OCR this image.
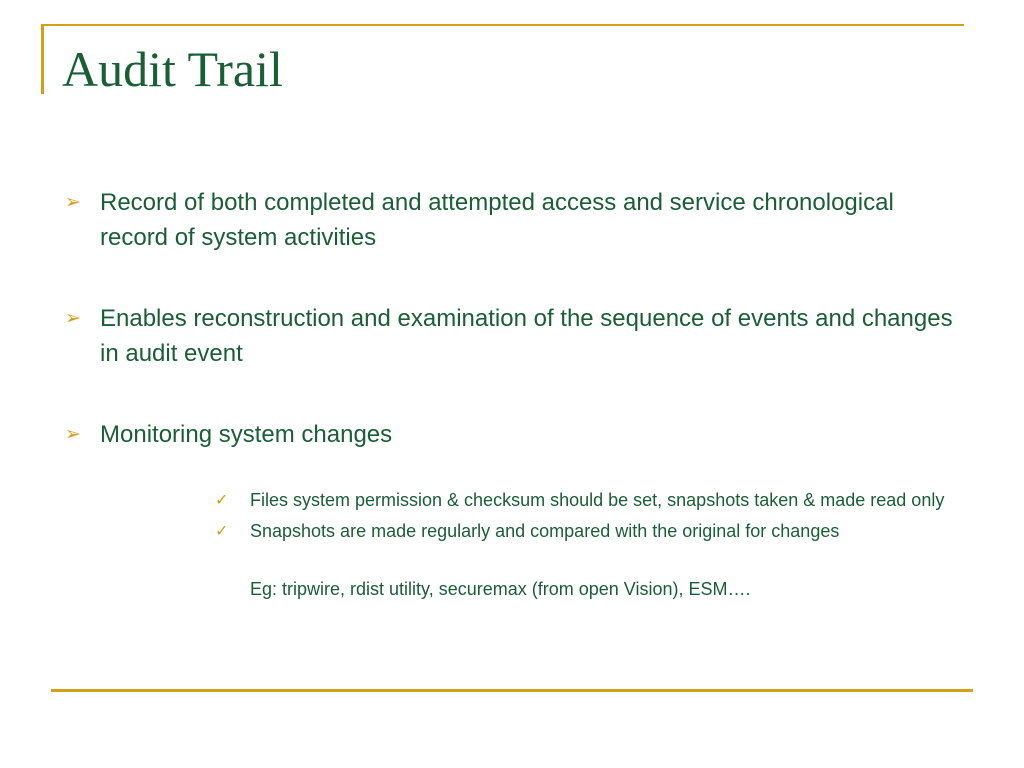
Audit Trail
➢ Record of both completed and attempted access and service chronological record of system activities
➢ Enables reconstruction and examination of the sequence of events and changes in audit event
➢ Monitoring system changes
✓ Files system permission & checksum should be set, snapshots taken & made read only
✓ Snapshots are made regularly and compared with the original for changes
Eg: tripwire, rdist utility, securemax (from open Vision), ESM….
